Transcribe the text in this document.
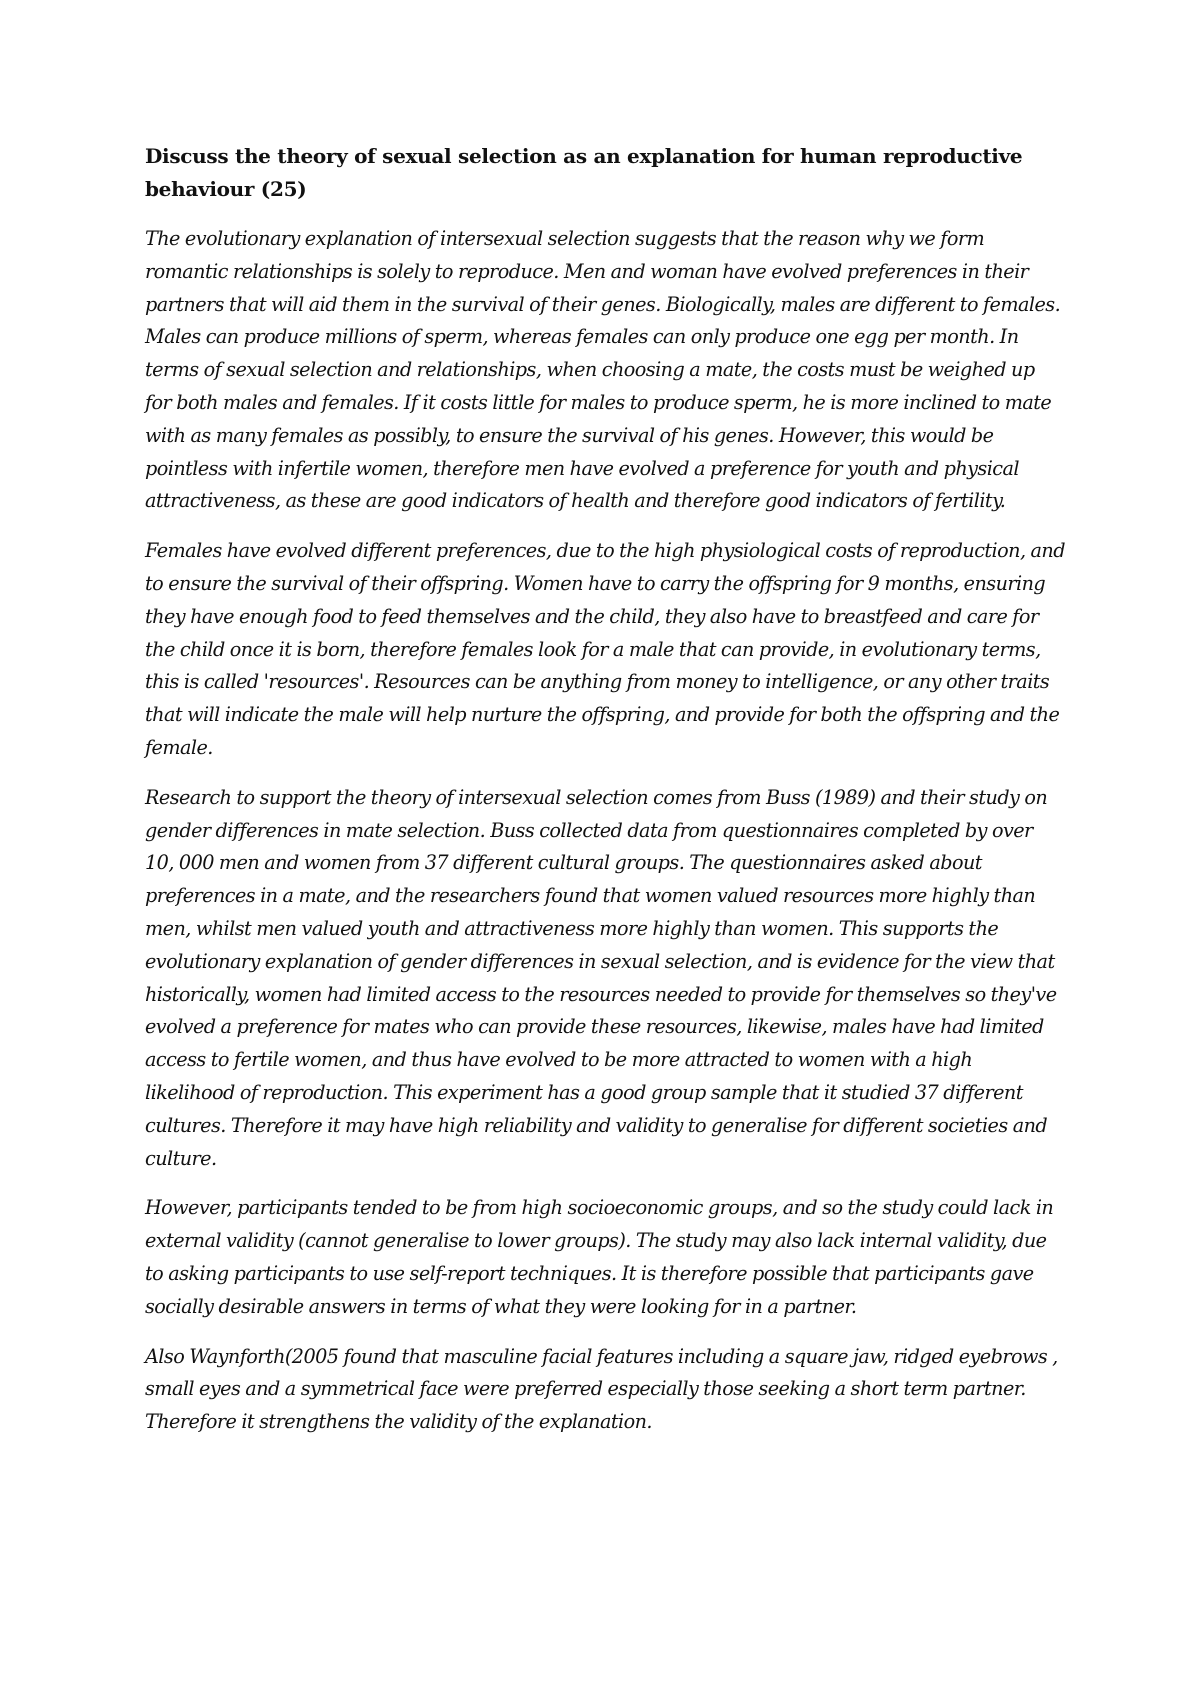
Discuss the theory of sexual selection as an explanation for human reproductive behaviour (25)

The evolutionary explanation of intersexual selection suggests that the reason why we form romantic relationships is solely to reproduce. Men and woman have evolved preferences in their partners that will aid them in the survival of their genes. Biologically, males are different to females. Males can produce millions of sperm, whereas females can only produce one egg per month. In terms of sexual selection and relationships, when choosing a mate, the costs must be weighed up for both males and females. If it costs little for males to produce sperm, he is more inclined to mate with as many females as possibly, to ensure the survival of his genes. However, this would be pointless with infertile women, therefore men have evolved a preference for youth and physical attractiveness, as these are good indicators of health and therefore good indicators of fertility.

Females have evolved different preferences, due to the high physiological costs of reproduction, and to ensure the survival of their offspring. Women have to carry the offspring for 9 months, ensuring they have enough food to feed themselves and the child, they also have to breastfeed and care for the child once it is born, therefore females look for a male that can provide, in evolutionary terms, this is called 'resources'. Resources can be anything from money to intelligence, or any other traits that will indicate the male will help nurture the offspring, and provide for both the offspring and the female.

Research to support the theory of intersexual selection comes from Buss (1989) and their study on gender differences in mate selection. Buss collected data from questionnaires completed by over 10, 000 men and women from 37 different cultural groups. The questionnaires asked about preferences in a mate, and the researchers found that women valued resources more highly than men, whilst men valued youth and attractiveness more highly than women. This supports the evolutionary explanation of gender differences in sexual selection, and is evidence for the view that historically, women had limited access to the resources needed to provide for themselves so they've evolved a preference for mates who can provide these resources, likewise, males have had limited access to fertile women, and thus have evolved to be more attracted to women with a high likelihood of reproduction. This experiment has a good group sample that it studied 37 different cultures. Therefore it may have high reliability and validity to generalise for different societies and culture.

However, participants tended to be from high socioeconomic groups, and so the study could lack in external validity (cannot generalise to lower groups). The study may also lack internal validity, due to asking participants to use self-report techniques. It is therefore possible that participants gave socially desirable answers in terms of what they were looking for in a partner.

Also Waynforth(2005 found that masculine facial features including a square jaw, ridged eyebrows , small eyes and a symmetrical face were preferred especially those seeking a short term partner. Therefore it strengthens the validity of the explanation.
